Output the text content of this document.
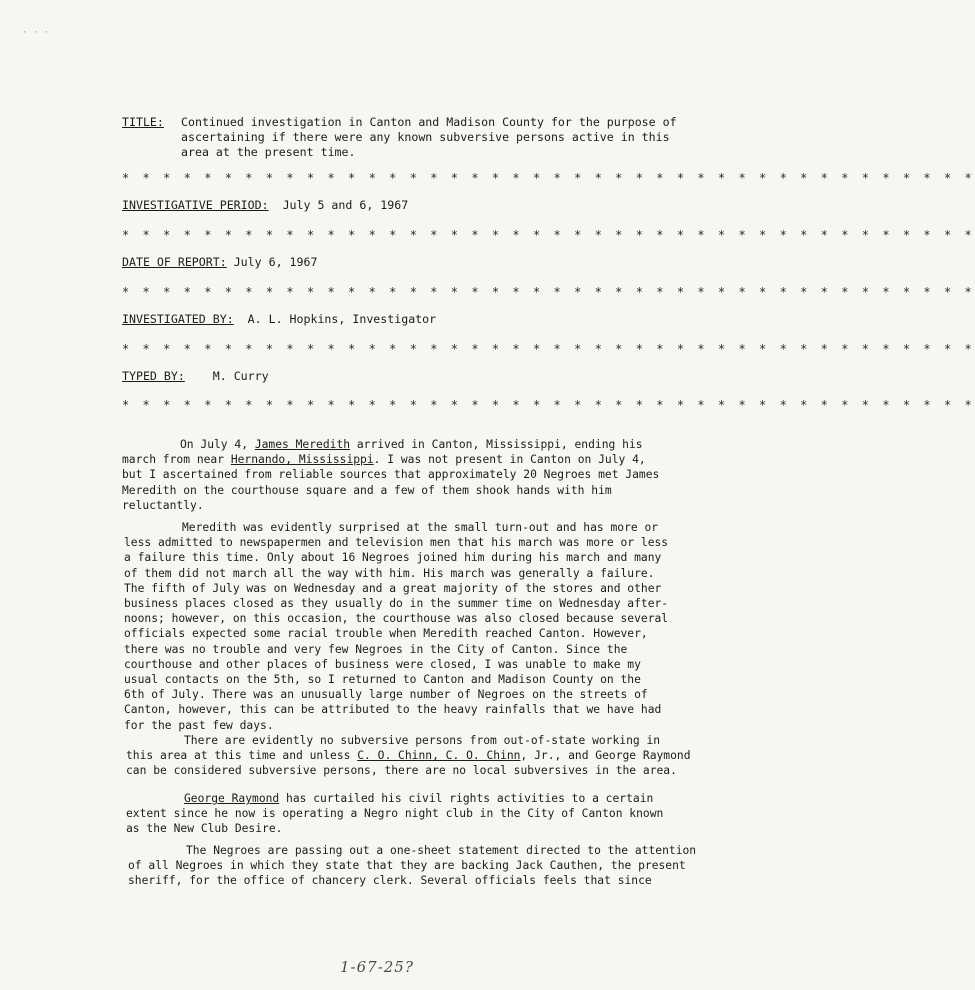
· · ·
TITLE: Continued investigation in Canton and Madison County for the purpose of
ascertaining if there were any known subversive persons active in this
area at the present time.
* * * * * * * * * * * * * * * * * * * * * * * * * * * * * * * * * * * * * * * * * *
INVESTIGATIVE PERIOD: July 5 and 6, 1967
* * * * * * * * * * * * * * * * * * * * * * * * * * * * * * * * * * * * * * * * * *
DATE OF REPORT: July 6, 1967
* * * * * * * * * * * * * * * * * * * * * * * * * * * * * * * * * * * * * * * * * *
INVESTIGATED BY: A. L. Hopkins, Investigator
* * * * * * * * * * * * * * * * * * * * * * * * * * * * * * * * * * * * * * * * * *
TYPED BY: M. Curry
* * * * * * * * * * * * * * * * * * * * * * * * * * * * * * * * * * * * * * * * * *
On July 4, James Meredith arrived in Canton, Mississippi, ending his
march from near Hernando, Mississippi. I was not present in Canton on July 4,
but I ascertained from reliable sources that approximately 20 Negroes met James
Meredith on the courthouse square and a few of them shook hands with him
reluctantly.
Meredith was evidently surprised at the small turn-out and has more or
less admitted to newspapermen and television men that his march was more or less
a failure this time. Only about 16 Negroes joined him during his march and many
of them did not march all the way with him. His march was generally a failure.
The fifth of July was on Wednesday and a great majority of the stores and other
business places closed as they usually do in the summer time on Wednesday after-
noons; however, on this occasion, the courthouse was also closed because several
officials expected some racial trouble when Meredith reached Canton. However,
there was no trouble and very few Negroes in the City of Canton. Since the
courthouse and other places of business were closed, I was unable to make my
usual contacts on the 5th, so I returned to Canton and Madison County on the
6th of July. There was an unusually large number of Negroes on the streets of
Canton, however, this can be attributed to the heavy rainfalls that we have had
for the past few days.
There are evidently no subversive persons from out-of-state working in
this area at this time and unless C. O. Chinn, C. O. Chinn, Jr., and George Raymond
can be considered subversive persons, there are no local subversives in the area.
George Raymond has curtailed his civil rights activities to a certain
extent since he now is operating a Negro night club in the City of Canton known
as the New Club Desire.
The Negroes are passing out a one-sheet statement directed to the attention
of all Negroes in which they state that they are backing Jack Cauthen, the present
sheriff, for the office of chancery clerk. Several officials feels that since
1-67-25?
